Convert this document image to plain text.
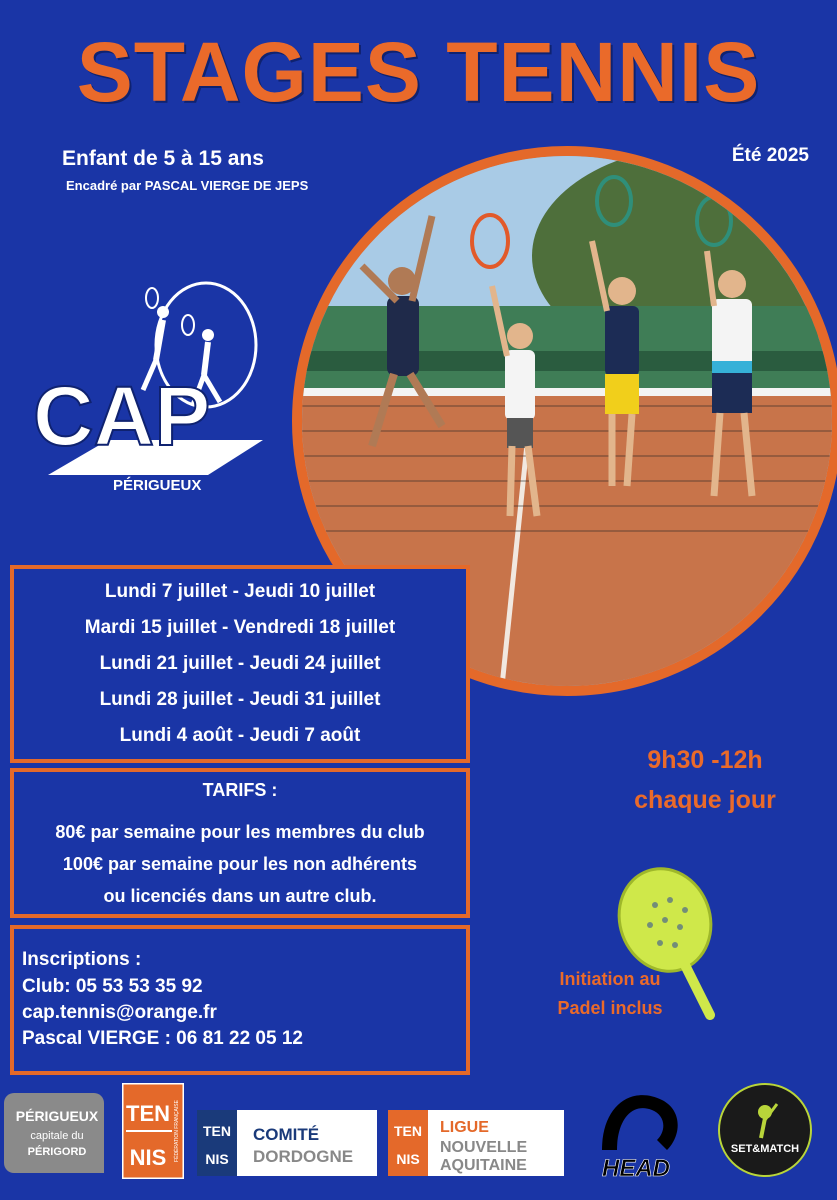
STAGES TENNIS
Enfant de 5 à 15 ans
Encadré par PASCAL VIERGE DE JEPS
Été 2025
CAP
PÉRIGUEUX
Lundi 7 juillet - Jeudi 10 juillet
Mardi 15 juillet - Vendredi 18 juillet
Lundi 21 juillet - Jeudi 24 juillet
Lundi 28 juillet - Jeudi 31 juillet
Lundi 4 août - Jeudi 7 août
TARIFS :
80€ par semaine pour les membres du club
100€ par semaine pour les non adhérents
ou licenciés dans un autre club.
Inscriptions :
Club: 05 53 53 35 92
cap.tennis@orange.fr
Pascal VIERGE : 06 81 22 05 12
9h30 -12h
chaque jour
Initiation au
Padel inclus
PÉRIGUEUX
capitale du
PÉRIGORD
TEN
NIS FÉDÉRATION FRANÇAISE TEN
NIS
COMITÉ
DORDOGNE
TEN
NIS
LIGUE
NOUVELLE
AQUITAINE	HEAD
SET&MATCH
